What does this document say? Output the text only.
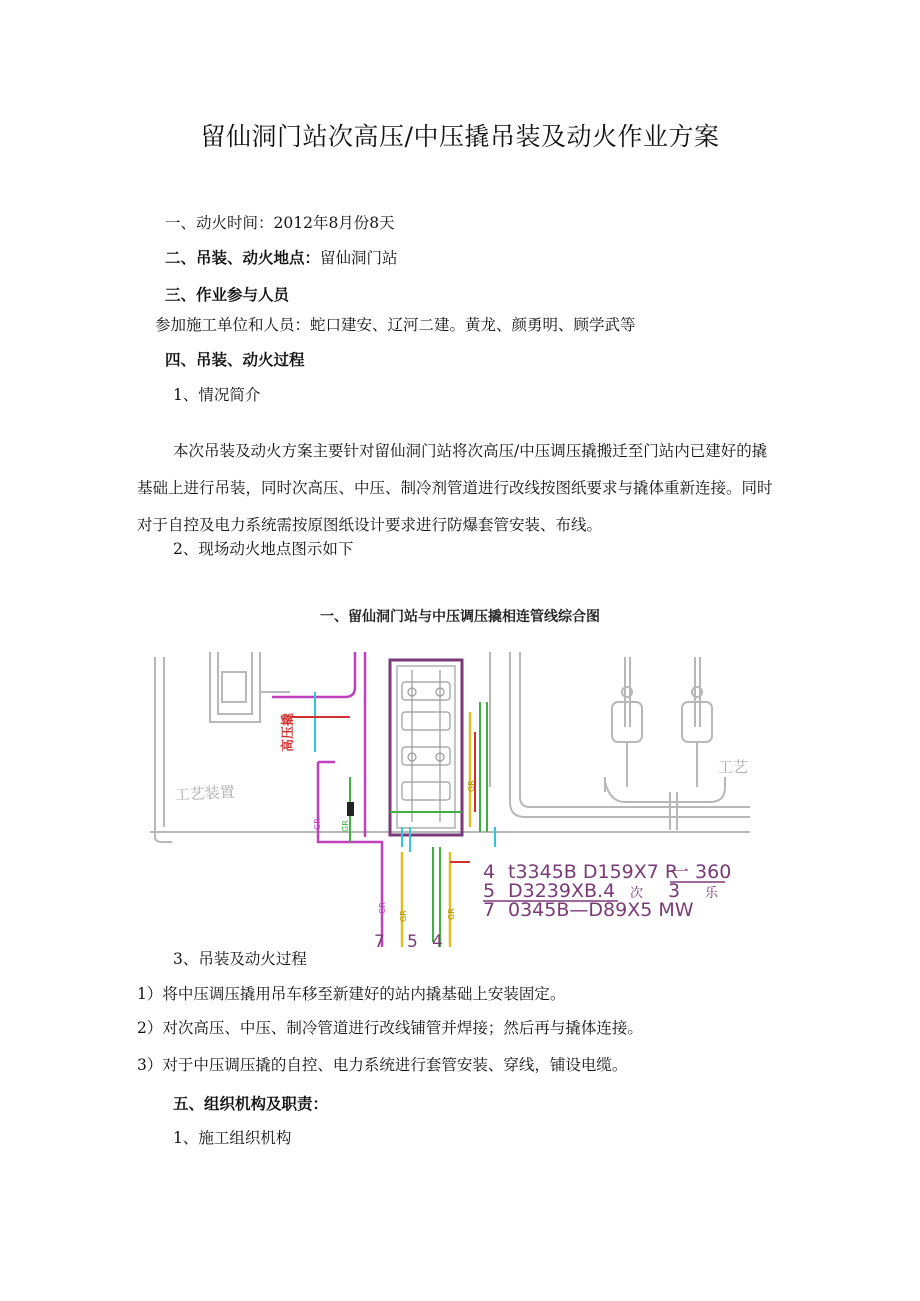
留仙洞门站次高压/中压撬吊装及动火作业方案
一、动火时间：2012年8月份8天
二、吊装、动火地点：留仙洞门站
三、作业参与人员
参加施工单位和人员：蛇口建安、辽河二建。黄龙、颜勇明、顾学武等
四、吊装、动火过程
1、情况简介
本次吊装及动火方案主要针对留仙洞门站将次高压/中压调压撬搬迁至门站内已建好的撬基础上进行吊装，同时次高压、中压、制冷剂管道进行改线按图纸要求与撬体重新连接。同时对于自控及电力系统需按原图纸设计要求进行防爆套管安装、布线。
2、现场动火地点图示如下
一、留仙洞门站与中压调压撬相连管线综合图
工艺装置
工艺
GR
GR
高压撬
GR
GR	GR
GR
4 t3345B D159X7 R
一 360
5 D3239XB.4 次 3 乐
7 0345B—D89X5 MW
7 5 4
3、吊装及动火过程
1）将中压调压撬用吊车移至新建好的站内撬基础上安装固定。
2）对次高压、中压、制冷管道进行改线铺管并焊接；然后再与撬体连接。
3）对于中压调压撬的自控、电力系统进行套管安装、穿线，铺设电缆。
五、组织机构及职责：
1、施工组织机构
